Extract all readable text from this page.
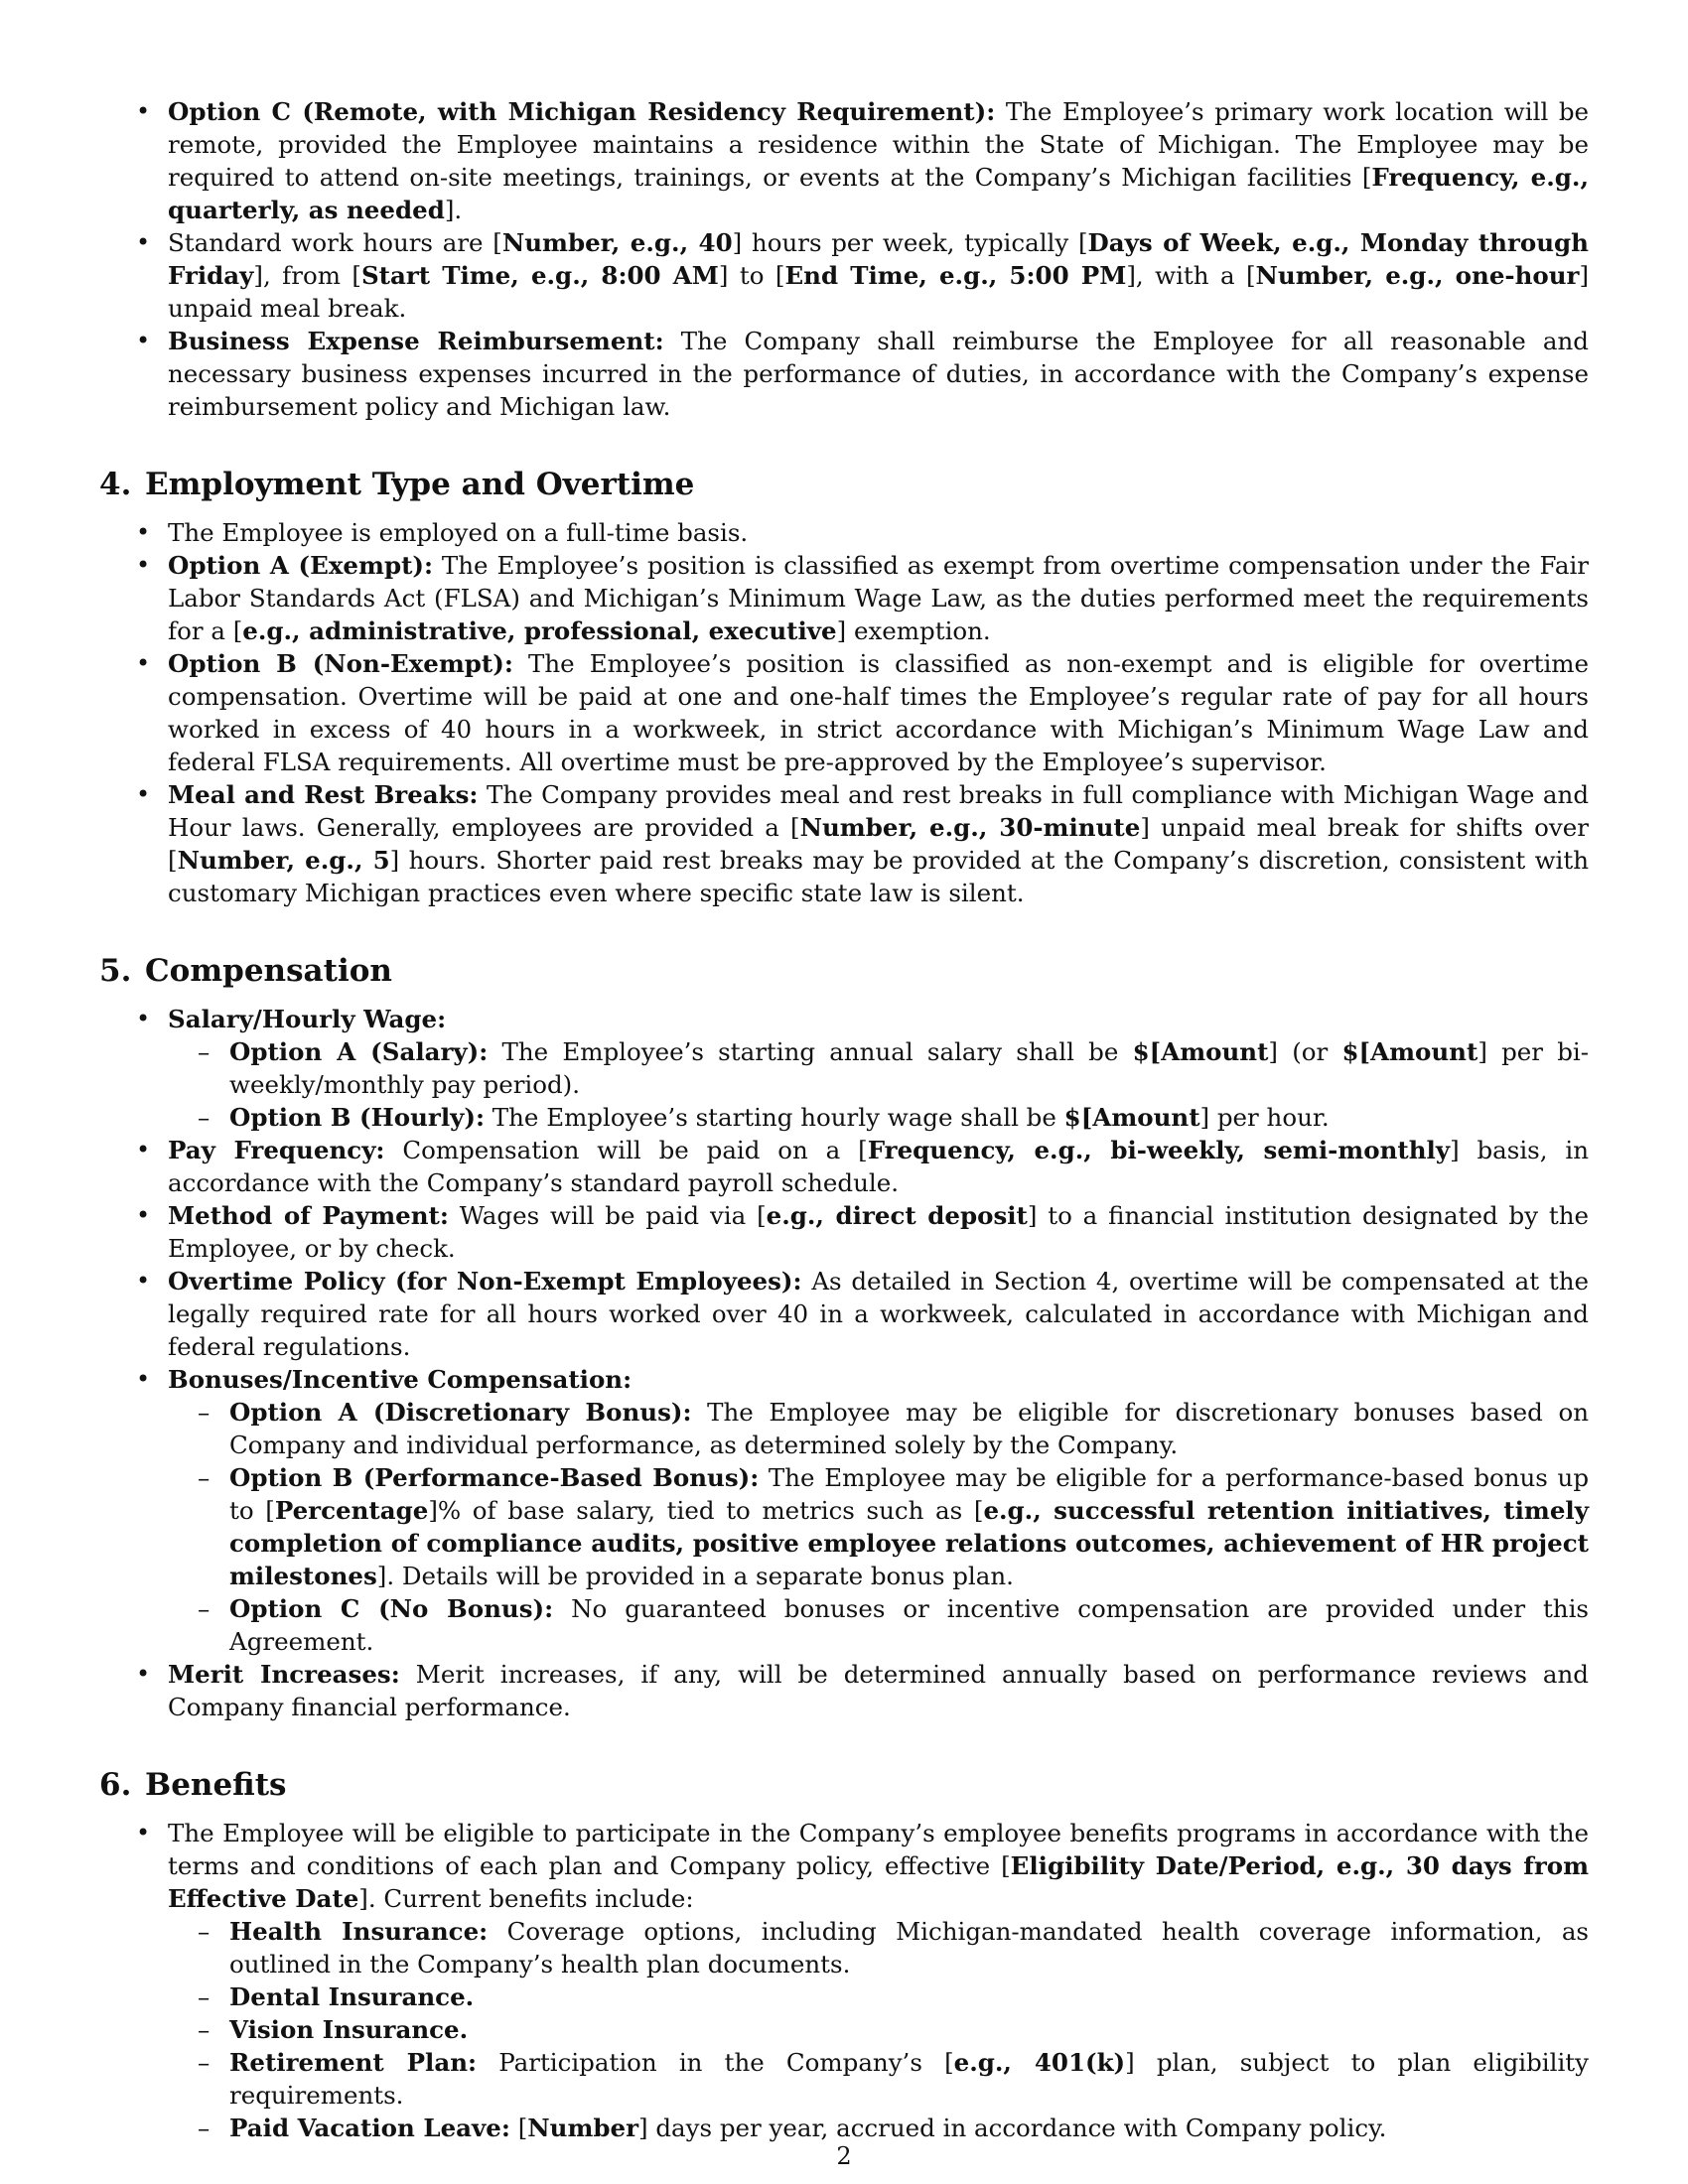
• Option C (Remote, with Michigan Residency Requirement): The Employee’s primary work location will be remote, provided the Employee maintains a residence within the State of Michigan. The Employee may be required to attend on-site meetings, trainings, or events at the Company’s Michigan facilities [Frequency, e.g., quarterly, as needed].
• Standard work hours are [Number, e.g., 40] hours per week, typically [Days of Week, e.g., Monday through Friday], from [Start Time, e.g., 8:00 AM] to [End Time, e.g., 5:00 PM], with a [Number, e.g., one-hour] unpaid meal break.
• Business Expense Reimbursement: The Company shall reimburse the Employee for all reasonable and necessary business expenses incurred in the performance of duties, in accordance with the Company’s expense reimbursement policy and Michigan law.
4. Employment Type and Overtime
• The Employee is employed on a full-time basis.
• Option A (Exempt): The Employee’s position is classified as exempt from overtime compensation under the Fair Labor Standards Act (FLSA) and Michigan’s Minimum Wage Law, as the duties performed meet the requirements for a [e.g., administrative, professional, executive] exemption.
• Option B (Non-Exempt): The Employee’s position is classified as non-exempt and is eligible for overtime compensation. Overtime will be paid at one and one-half times the Employee’s regular rate of pay for all hours worked in excess of 40 hours in a workweek, in strict accordance with Michigan’s Minimum Wage Law and federal FLSA requirements. All overtime must be pre-approved by the Employee’s supervisor.
• Meal and Rest Breaks: The Company provides meal and rest breaks in full compliance with Michigan Wage and Hour laws. Generally, employees are provided a [Number, e.g., 30-minute] unpaid meal break for shifts over [Number, e.g., 5] hours. Shorter paid rest breaks may be provided at the Company’s discretion, consistent with customary Michigan practices even where specific state law is silent.
5. Compensation
• Salary/Hourly Wage:
– Option A (Salary): The Employee’s starting annual salary shall be $[Amount] (or $[Amount] per bi-weekly/monthly pay period).
– Option B (Hourly): The Employee’s starting hourly wage shall be $[Amount] per hour.
• Pay Frequency: Compensation will be paid on a [Frequency, e.g., bi-weekly, semi-monthly] basis, in accordance with the Company’s standard payroll schedule.
• Method of Payment: Wages will be paid via [e.g., direct deposit] to a financial institution designated by the Employee, or by check.
• Overtime Policy (for Non-Exempt Employees): As detailed in Section 4, overtime will be compensated at the legally required rate for all hours worked over 40 in a workweek, calculated in accordance with Michigan and federal regulations.
• Bonuses/Incentive Compensation:
– Option A (Discretionary Bonus): The Employee may be eligible for discretionary bonuses based on Company and individual performance, as determined solely by the Company.
– Option B (Performance-Based Bonus): The Employee may be eligible for a performance-based bonus up to [Percentage]% of base salary, tied to metrics such as [e.g., successful retention initiatives, timely completion of compliance audits, positive employee relations outcomes, achievement of HR project milestones]. Details will be provided in a separate bonus plan.
– Option C (No Bonus): No guaranteed bonuses or incentive compensation are provided under this Agreement.
• Merit Increases: Merit increases, if any, will be determined annually based on performance reviews and Company financial performance.
6. Benefits
• The Employee will be eligible to participate in the Company’s employee benefits programs in accordance with the terms and conditions of each plan and Company policy, effective [Eligibility Date/Period, e.g., 30 days from Effective Date]. Current benefits include:
– Health Insurance: Coverage options, including Michigan-mandated health coverage information, as outlined in the Company’s health plan documents.
– Dental Insurance.
– Vision Insurance.
– Retirement Plan: Participation in the Company’s [e.g., 401(k)] plan, subject to plan eligibility requirements.
– Paid Vacation Leave: [Number] days per year, accrued in accordance with Company policy.
2
